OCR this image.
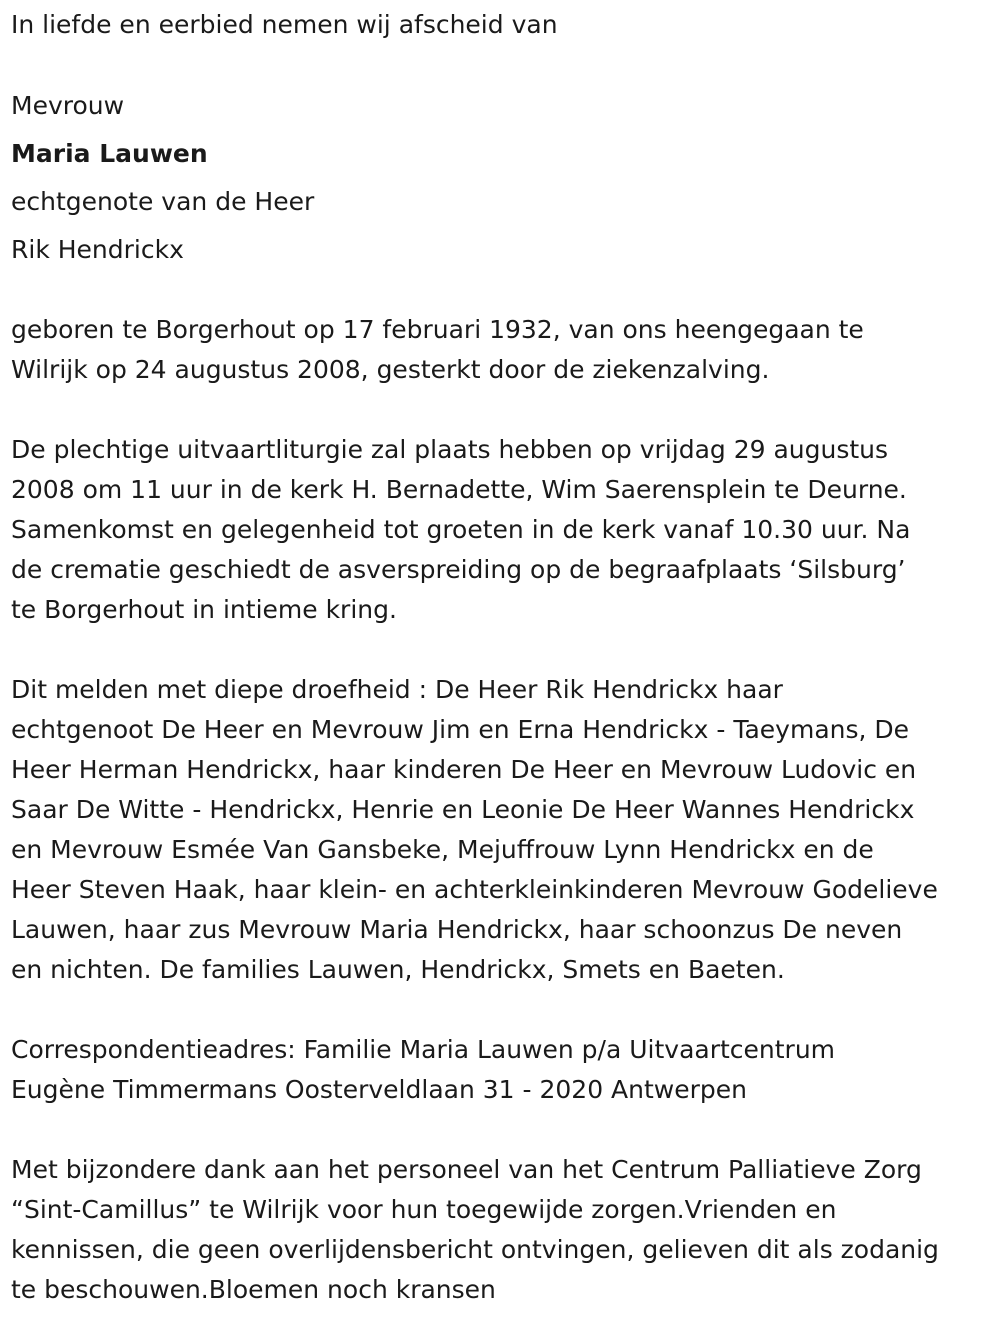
In liefde en eerbied nemen wij afscheid van

Mevrouw

Maria Lauwen

echtgenote van de Heer

Rik Hendrickx

geboren te Borgerhout op 17 februari 1932, van ons heengegaan te
Wilrijk op 24 augustus 2008, gesterkt door de ziekenzalving.
De plechtige uitvaartliturgie zal plaats hebben op vrijdag 29 augustus
2008 om 11 uur in de kerk H. Bernadette, Wim Saerensplein te Deurne.
Samenkomst en gelegenheid tot groeten in de kerk vanaf 10.30 uur. Na
de crematie geschiedt de asverspreiding op de begraafplaats ‘Silsburg’
te Borgerhout in intieme kring.
Dit melden met diepe droefheid : De Heer Rik Hendrickx haar
echtgenoot De Heer en Mevrouw Jim en Erna Hendrickx - Taeymans, De
Heer Herman Hendrickx, haar kinderen De Heer en Mevrouw Ludovic en
Saar De Witte - Hendrickx, Henrie en Leonie De Heer Wannes Hendrickx
en Mevrouw Esmée Van Gansbeke, Mejuffrouw Lynn Hendrickx en de
Heer Steven Haak, haar klein- en achterkleinkinderen Mevrouw Godelieve
Lauwen, haar zus Mevrouw Maria Hendrickx, haar schoonzus De neven
en nichten. De families Lauwen, Hendrickx, Smets en Baeten.
Correspondentieadres: Familie Maria Lauwen p/a Uitvaartcentrum
Eugène Timmermans Oosterveldlaan 31 - 2020 Antwerpen
Met bijzondere dank aan het personeel van het Centrum Palliatieve Zorg
“Sint-Camillus” te Wilrijk voor hun toegewijde zorgen.Vrienden en
kennissen, die geen overlijdensbericht ontvingen, gelieven dit als zodanig
te beschouwen.Bloemen noch kransen
